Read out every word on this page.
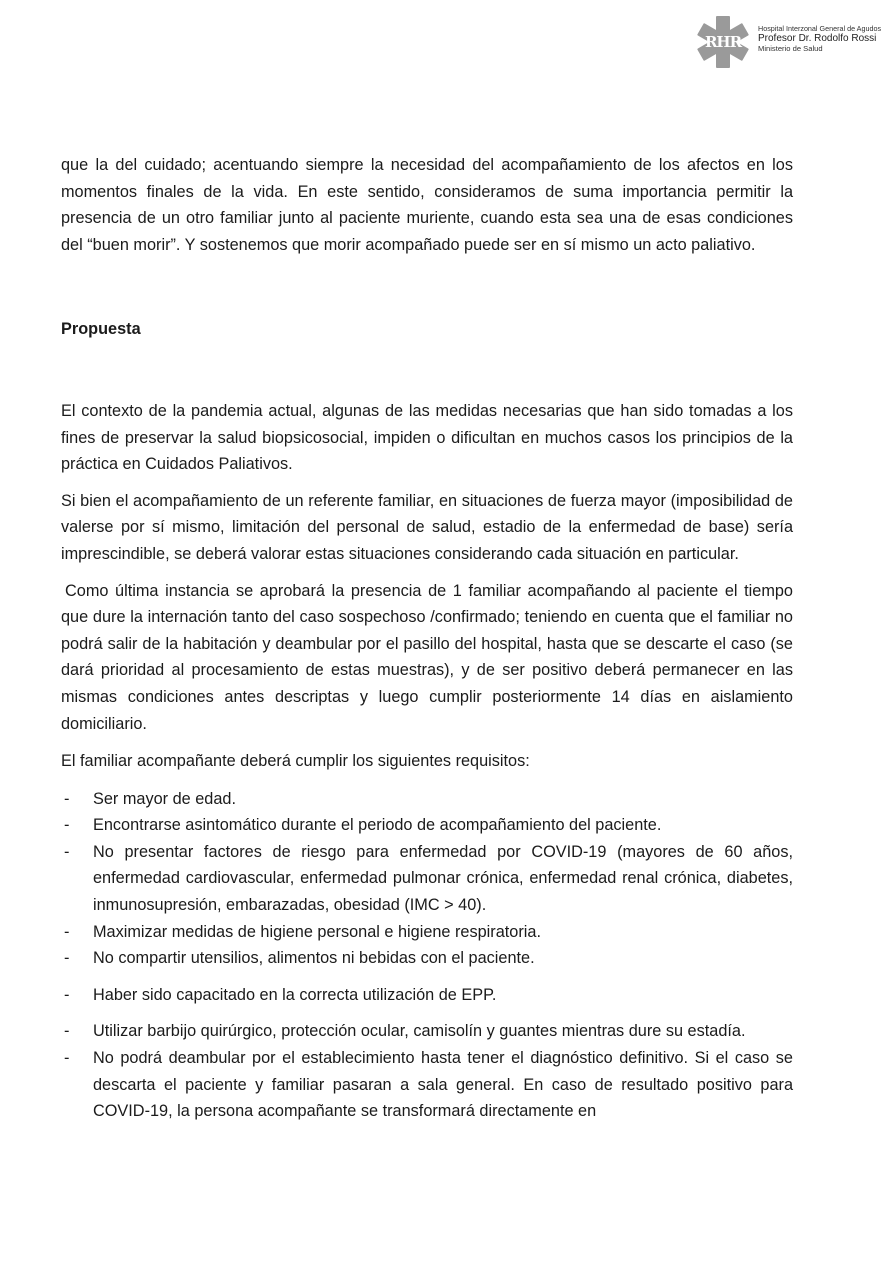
RHR
Hospital Interzonal General de Agudos
Profesor Dr. Rodolfo Rossi
Ministerio de Salud

que la del cuidado; acentuando siempre la necesidad del acompañamiento de los afectos en los momentos finales de la vida. En este sentido, consideramos de suma importancia permitir la presencia de un otro familiar junto al paciente muriente, cuando esta sea una de esas condiciones del “buen morir”. Y sostenemos que morir acompañado puede ser en sí mismo un acto paliativo.

Propuesta

El contexto de la pandemia actual, algunas de las medidas necesarias que han sido tomadas a los fines de preservar la salud biopsicosocial, impiden o dificultan en muchos casos los principios de la práctica en Cuidados Paliativos.

Si bien el acompañamiento de un referente familiar, en situaciones de fuerza mayor (imposibilidad de valerse por sí mismo, limitación del personal de salud, estadio de la enfermedad de base) sería imprescindible, se deberá valorar estas situaciones considerando cada situación en particular.

Como última instancia se aprobará la presencia de 1 familiar acompañando al paciente el tiempo que dure la internación tanto del caso sospechoso /confirmado; teniendo en cuenta que el familiar no podrá salir de la habitación y deambular por el pasillo del hospital, hasta que se descarte el caso (se dará prioridad al procesamiento de estas muestras), y de ser positivo deberá permanecer en las mismas condiciones antes descriptas y luego cumplir posteriormente 14 días en aislamiento domiciliario.

El familiar acompañante deberá cumplir los siguientes requisitos:

- Ser mayor de edad.
- Encontrarse asintomático durante el periodo de acompañamiento del paciente.
- No presentar factores de riesgo para enfermedad por COVID-19 (mayores de 60 años, enfermedad cardiovascular, enfermedad pulmonar crónica, enfermedad renal crónica, diabetes, inmunosupresión, embarazadas, obesidad (IMC > 40).
- Maximizar medidas de higiene personal e higiene respiratoria.
- No compartir utensilios, alimentos ni bebidas con el paciente.
- Haber sido capacitado en la correcta utilización de EPP.
- Utilizar barbijo quirúrgico, protección ocular, camisolín y guantes mientras dure su estadía.
- No podrá deambular por el establecimiento hasta tener el diagnóstico definitivo. Si el caso se descarta el paciente y familiar pasaran a sala general. En caso de resultado positivo para COVID-19, la persona acompañante se transformará directamente en
